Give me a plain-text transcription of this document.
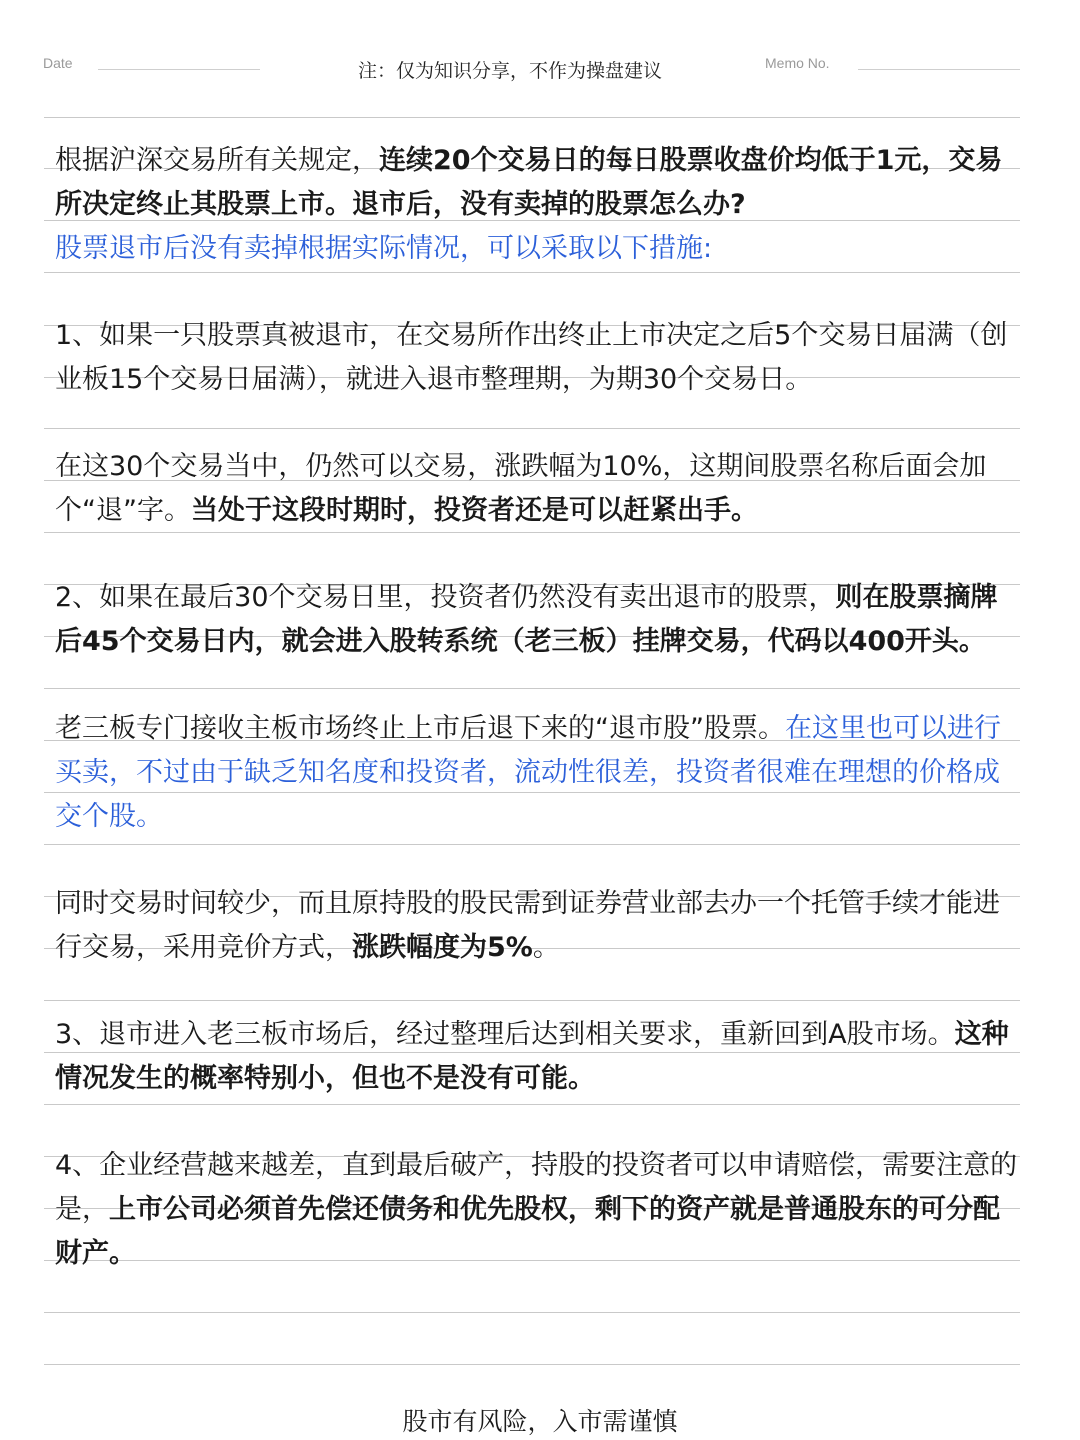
Date	注：仅为知识分享，不作为操盘建议	Memo No.

根据沪深交易所有关规定，连续20个交易日的每日股票收盘价均低于1元，交易所决定终止其股票上市。退市后，没有卖掉的股票怎么办?
股票退市后没有卖掉根据实际情况，可以采取以下措施:

1、如果一只股票真被退市，在交易所作出终止上市决定之后5个交易日届满（创业板15个交易日届满），就进入退市整理期，为期30个交易日。

在这30个交易当中，仍然可以交易，涨跌幅为10%，这期间股票名称后面会加个“退”字。当处于这段时期时，投资者还是可以赶紧出手。

2、如果在最后30个交易日里，投资者仍然没有卖出退市的股票，则在股票摘牌后45个交易日内，就会进入股转系统（老三板）挂牌交易，代码以400开头。

老三板专门接收主板市场终止上市后退下来的“退市股”股票。在这里也可以进行买卖，不过由于缺乏知名度和投资者，流动性很差，投资者很难在理想的价格成交个股。

同时交易时间较少，而且原持股的股民需到证券营业部去办一个托管手续才能进行交易，采用竞价方式，涨跌幅度为5%。

3、退市进入老三板市场后，经过整理后达到相关要求，重新回到A股市场。这种情况发生的概率特别小，但也不是没有可能。

4、企业经营越来越差，直到最后破产，持股的投资者可以申请赔偿，需要注意的是，上市公司必须首先偿还债务和优先股权，剩下的资产就是普通股东的可分配财产。

股市有风险，入市需谨慎
